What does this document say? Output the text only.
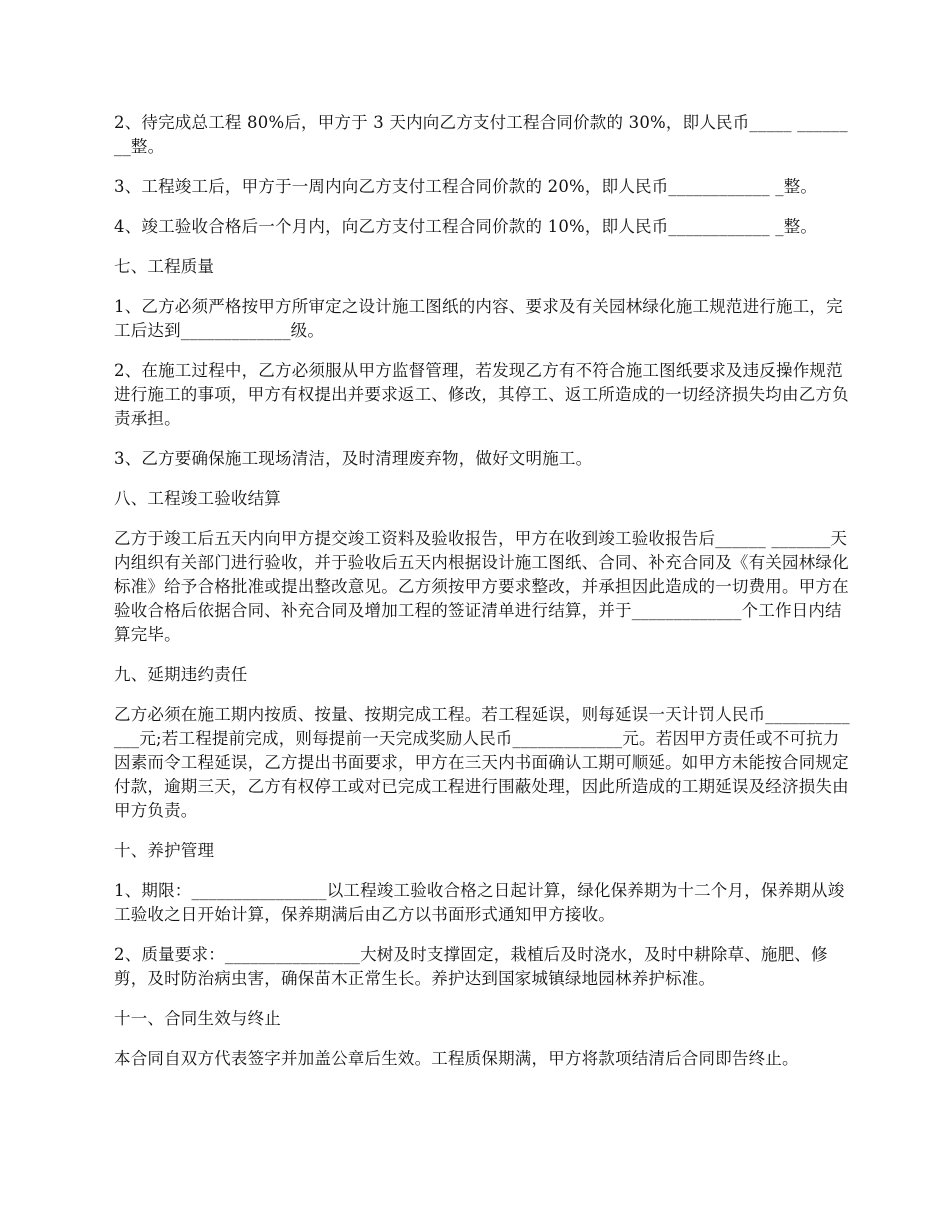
2、待完成总工程 80%后，甲方于 3 天内向乙方支付工程合同价款的 30%，即人民币_____ ________整。

3、工程竣工后，甲方于一周内向乙方支付工程合同价款的 20%，即人民币____________ _整。

4、竣工验收合格后一个月内，向乙方支付工程合同价款的 10%，即人民币____________ _整。

七、工程质量

1、乙方必须严格按甲方所审定之设计施工图纸的内容、要求及有关园林绿化施工规范进行施工，完工后达到_____________级。

2、在施工过程中，乙方必须服从甲方监督管理，若发现乙方有不符合施工图纸要求及违反操作规范进行施工的事项，甲方有权提出并要求返工、修改，其停工、返工所造成的一切经济损失均由乙方负责承担。

3、乙方要确保施工现场清洁，及时清理废弃物，做好文明施工。

八、工程竣工验收结算

乙方于竣工后五天内向甲方提交竣工资料及验收报告，甲方在收到竣工验收报告后______ _______天内组织有关部门进行验收，并于验收后五天内根据设计施工图纸、合同、补充合同及《有关园林绿化标准》给予合格批准或提出整改意见。乙方须按甲方要求整改，并承担因此造成的一切费用。甲方在验收合格后依据合同、补充合同及增加工程的签证清单进行结算，并于_____________个工作日内结算完毕。

九、延期违约责任

乙方必须在施工期内按质、按量、按期完成工程。若工程延误，则每延误一天计罚人民币_____________元;若工程提前完成，则每提前一天完成奖励人民币_____________元。若因甲方责任或不可抗力因素而令工程延误，乙方提出书面要求，甲方在三天内书面确认工期可顺延。如甲方未能按合同规定付款，逾期三天，乙方有权停工或对已完成工程进行围蔽处理，因此所造成的工期延误及经济损失由甲方负责。

十、养护管理

1、期限：________________以工程竣工验收合格之日起计算，绿化保养期为十二个月，保养期从竣工验收之日开始计算，保养期满后由乙方以书面形式通知甲方接收。

2、质量要求：________________大树及时支撑固定，栽植后及时浇水，及时中耕除草、施肥、修剪，及时防治病虫害，确保苗木正常生长。养护达到国家城镇绿地园林养护标准。

十一、合同生效与终止

本合同自双方代表签字并加盖公章后生效。工程质保期满，甲方将款项结清后合同即告终止。
